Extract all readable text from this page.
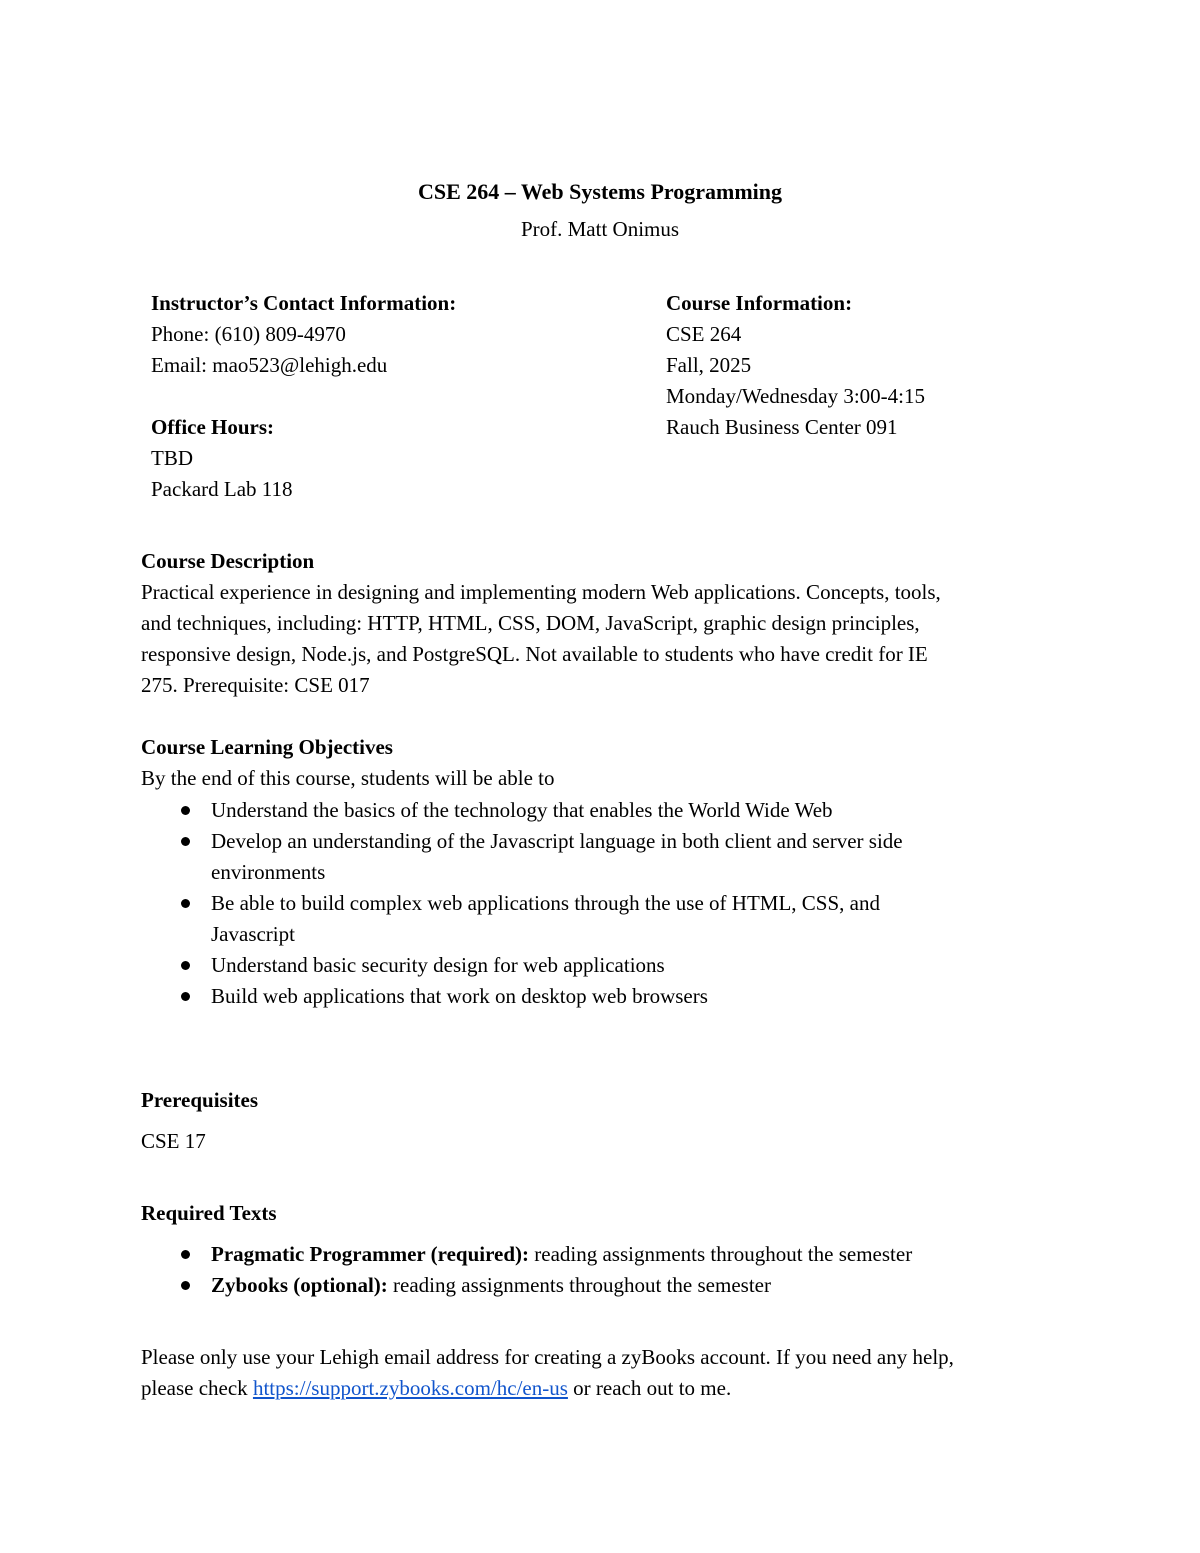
CSE 264 – Web Systems Programming
Prof. Matt Onimus
Instructor’s Contact Information:
Phone: (610) 809-4970
Email: mao523@lehigh.edu
Office Hours:
TBD
Packard Lab 118
Course Information:
CSE 264
Fall, 2025
Monday/Wednesday 3:00-4:15
Rauch Business Center 091
Course Description
Practical experience in designing and implementing modern Web applications. Concepts, tools,
and techniques, including: HTTP, HTML, CSS, DOM, JavaScript, graphic design principles,
responsive design, Node.js, and PostgreSQL. Not available to students who have credit for IE
275. Prerequisite: CSE 017
Course Learning Objectives
By the end of this course, students will be able to
Understand the basics of the technology that enables the World Wide Web
Develop an understanding of the Javascript language in both client and server side
environments
Be able to build complex web applications through the use of HTML, CSS, and
Javascript
Understand basic security design for web applications
Build web applications that work on desktop web browsers
Prerequisites
CSE 17
Required Texts
Pragmatic Programmer (required): reading assignments throughout the semester
Zybooks (optional): reading assignments throughout the semester
Please only use your Lehigh email address for creating a zyBooks account. If you need any help,
please check https://support.zybooks.com/hc/en-us or reach out to me.
